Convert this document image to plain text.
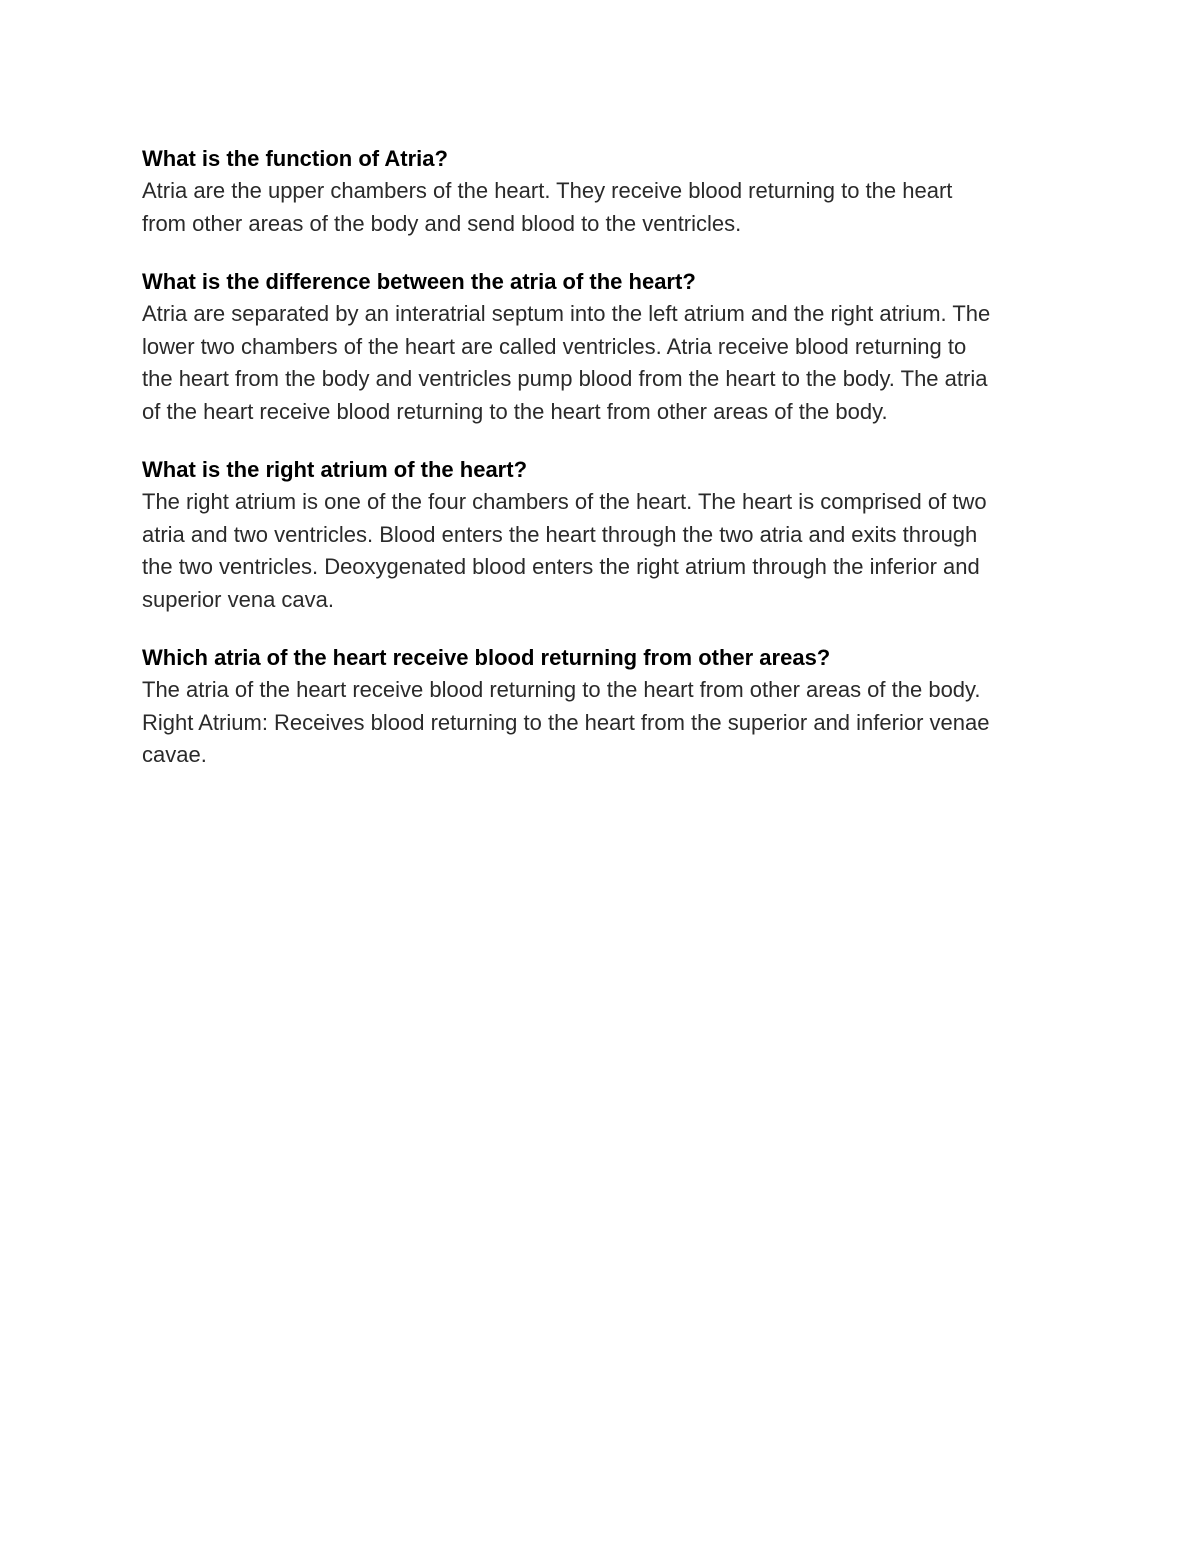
What is the function of Atria?

Atria are the upper chambers of the heart. They receive blood returning to the heart
from other areas of the body and send blood to the ventricles.

What is the difference between the atria of the heart?

Atria are separated by an interatrial septum into the left atrium and the right atrium. The
lower two chambers of the heart are called ventricles. Atria receive blood returning to
the heart from the body and ventricles pump blood from the heart to the body. The atria
of the heart receive blood returning to the heart from other areas of the body.

What is the right atrium of the heart?

The right atrium is one of the four chambers of the heart. The heart is comprised of two
atria and two ventricles. Blood enters the heart through the two atria and exits through
the two ventricles. Deoxygenated blood enters the right atrium through the inferior and
superior vena cava.

Which atria of the heart receive blood returning from other areas?

The atria of the heart receive blood returning to the heart from other areas of the body.
Right Atrium: Receives blood returning to the heart from the superior and inferior venae
cavae.
